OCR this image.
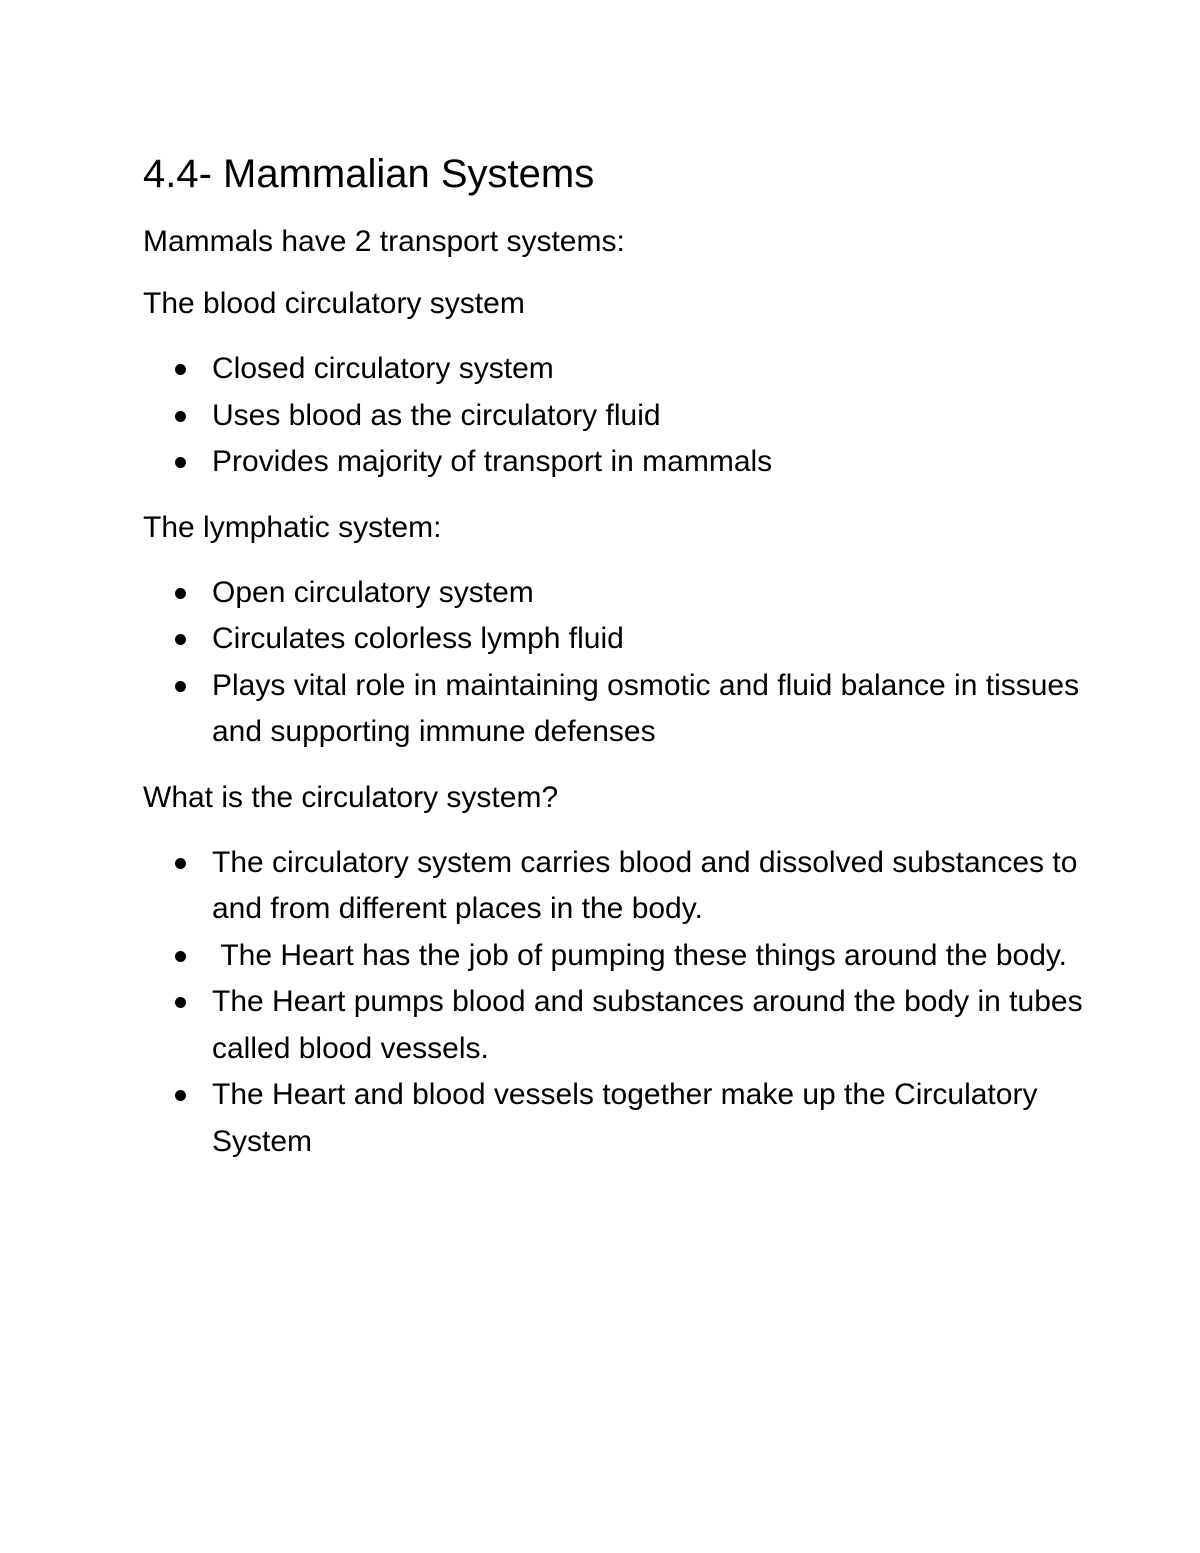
4.4- Mammalian Systems

Mammals have 2 transport systems:

The blood circulatory system

Closed circulatory system
Uses blood as the circulatory fluid
Provides majority of transport in mammals

The lymphatic system:

Open circulatory system
Circulates colorless lymph fluid
Plays vital role in maintaining osmotic and fluid balance in tissues and supporting immune defenses

What is the circulatory system?

The circulatory system carries blood and dissolved substances to and from different places in the body.
The Heart has the job of pumping these things around the body.
The Heart pumps blood and substances around the body in tubes called blood vessels.
The Heart and blood vessels together make up the Circulatory System
